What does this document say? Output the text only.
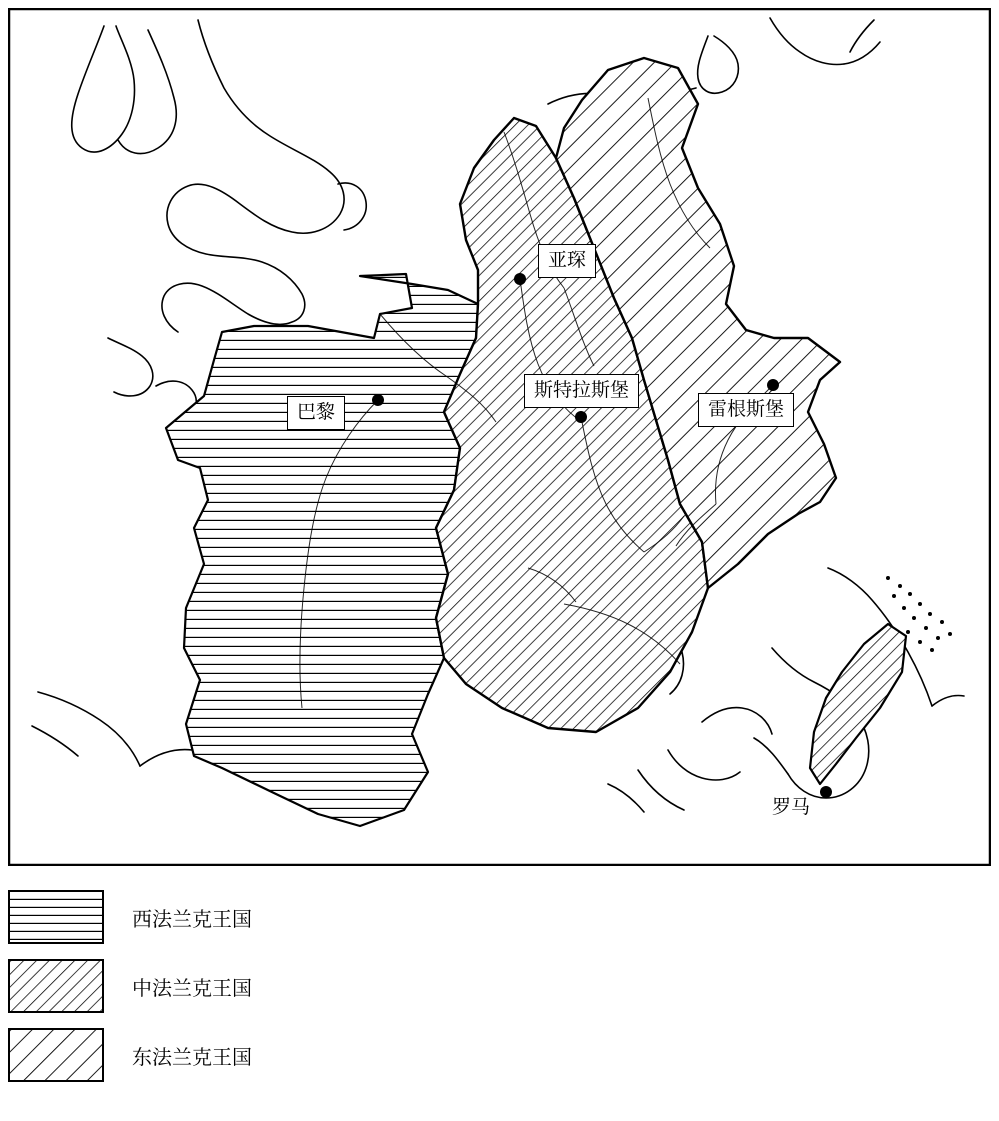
亚琛
斯特拉斯堡
雷根斯堡
巴黎
罗马
西法兰克王国
中法兰克王国
东法兰克王国
